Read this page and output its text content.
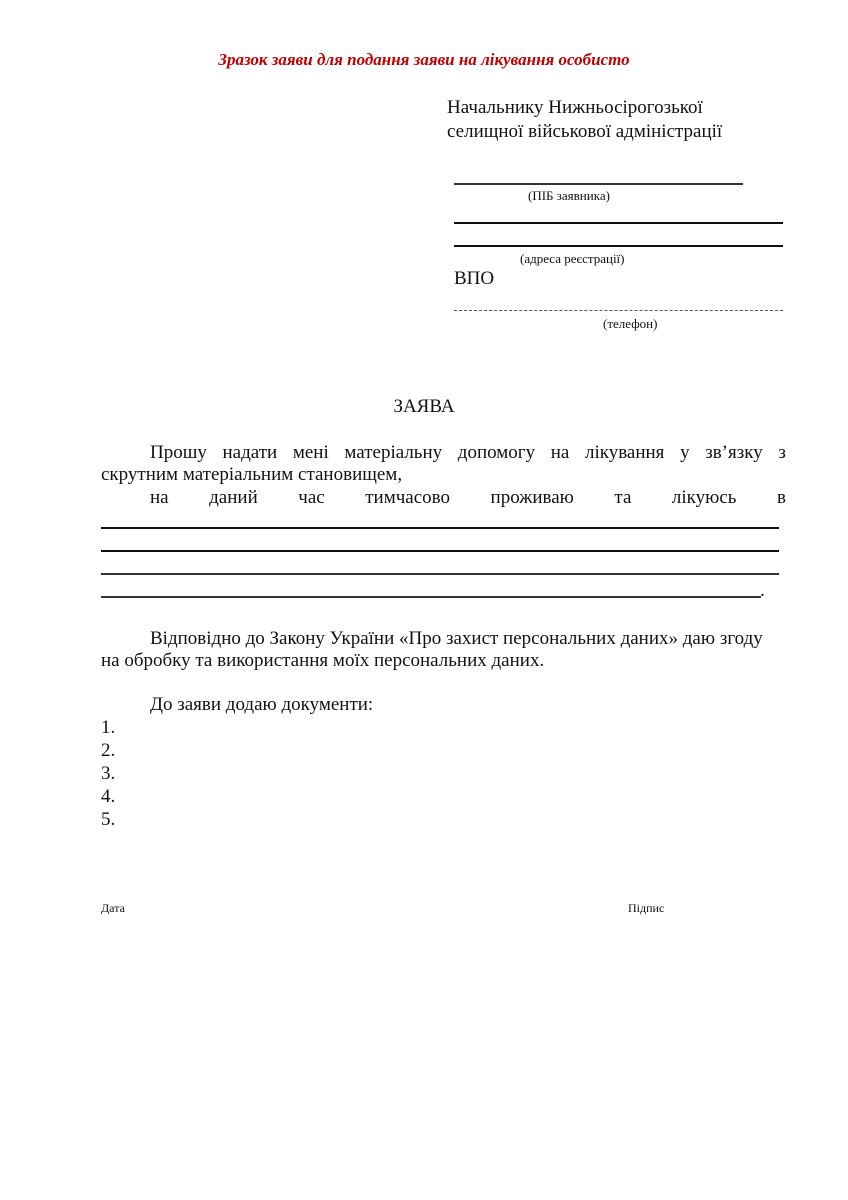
Зразок заяви для подання заяви на лікування особисто
Начальнику Нижньосірогозької
селищної військової адміністрації
(ПІБ заявника)
(адреса реєстрації)
ВПО
(телефон)
ЗАЯВА
Прошу надати мені матеріальну допомогу на лікування у зв’язку з
скрутним матеріальним становищем,
на даний час тимчасово проживаю та лікуюсь в
.
Відповідно до Закону України «Про захист персональних даних» даю згоду
на обробку та використання моїх персональних даних.
До заяви додаю документи:
1.
2.
3.
4.
5.
Дата	Підпис
